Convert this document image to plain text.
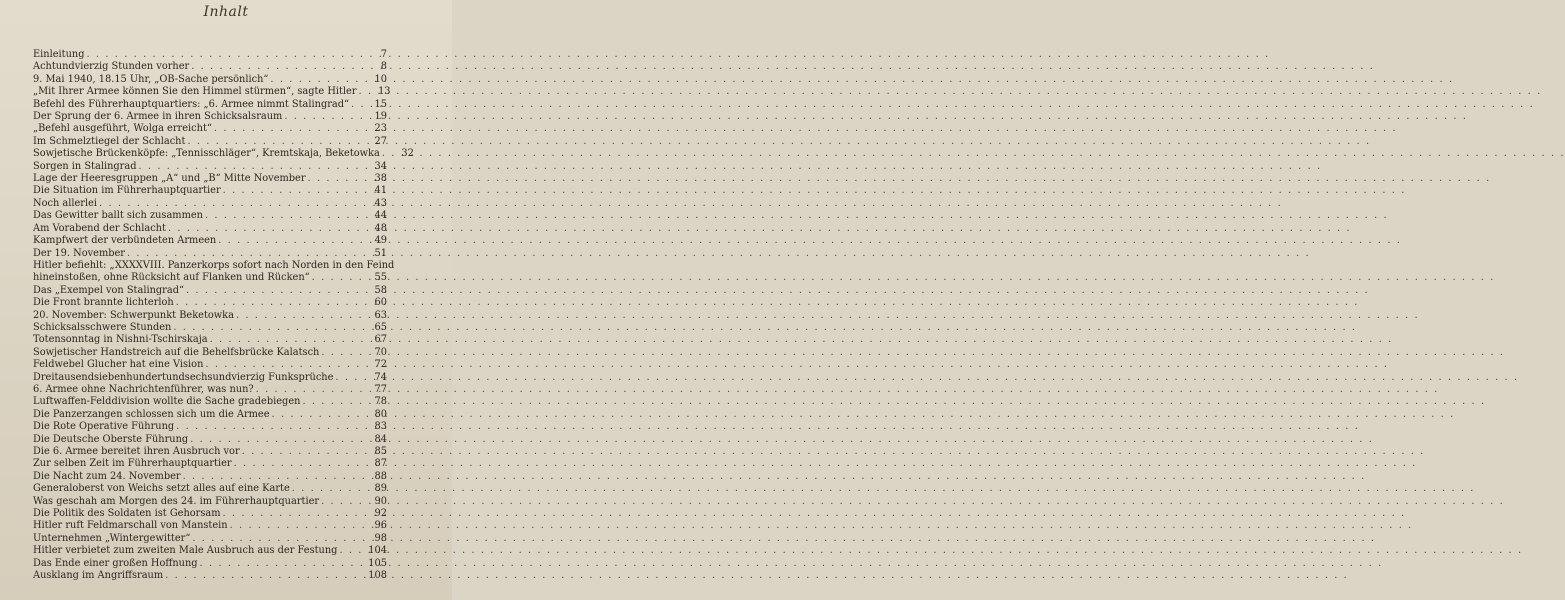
Inhalt
Einleitung . . .	7
Achtundvierzig Stunden vorher . . .	8
9. Mai 1940, 18.15 Uhr, „OB-Sache persönlich“ . . .	10
„Mit Ihrer Armee können Sie den Himmel stürmen“, sagte Hitler . . .	13
Befehl des Führerhauptquartiers: „6. Armee nimmt Stalingrad“ . . .	15
Der Sprung der 6. Armee in ihren Schicksalsraum . . .	19
„Befehl ausgeführt, Wolga erreicht“ . . .	23
Im Schmelztiegel der Schlacht . . .	27
Sowjetische Brückenköpfe: „Tennisschläger“, Kremtskaja, Beketowka . . .	32
Sorgen in Stalingrad . . .	34
Lage der Heeresgruppen „A“ und „B“ Mitte November . . .	38
Die Situation im Führerhauptquartier . . .	41
Noch allerlei . . .	43
Das Gewitter ballt sich zusammen . . .	44
Am Vorabend der Schlacht . . .	48
Kampfwert der verbündeten Armeen . . .	49
Der 19. November . . .	51
Hitler befiehlt: „XXXXVIII. Panzerkorps sofort nach Norden in den Feind
hineinstoßen, ohne Rücksicht auf Flanken und Rücken“ . . .	55
Das „Exempel von Stalingrad“ . . .	58
Die Front brannte lichterloh . . .	60
20. November: Schwerpunkt Beketowka . . .	63
Schicksalsschwere Stunden . . .	65
Totensonntag in Nishni-Tschirskaja . . .	67
Sowjetischer Handstreich auf die Behelfsbrücke Kalatsch . . .	70
Feldwebel Glucher hat eine Vision . . .	72
Dreitausendsiebenhundertundsechsundvierzig Funksprüche . . .	74
6. Armee ohne Nachrichtenführer, was nun? . . .	77
Luftwaffen-Felddivision wollte die Sache gradebiegen . . .	78
Die Panzerzangen schlossen sich um die Armee . . .	80
Die Rote Operative Führung . . .	83
Die Deutsche Oberste Führung . . .	84
Die 6. Armee bereitet ihren Ausbruch vor . . .	85
Zur selben Zeit im Führerhauptquartier . . .	87
Die Nacht zum 24. November . . .	88
Generaloberst von Weichs setzt alles auf eine Karte . . .	89
Was geschah am Morgen des 24. im Führerhauptquartier . . .	90
Die Politik des Soldaten ist Gehorsam . . .	92
Hitler ruft Feldmarschall von Manstein . . .	96
Unternehmen „Wintergewitter“ . . .	98
Hitler verbietet zum zweiten Male Ausbruch aus der Festung . . .	104
Das Ende einer großen Hoffnung . . .	105
Ausklang im Angriffsraum . . .	108
